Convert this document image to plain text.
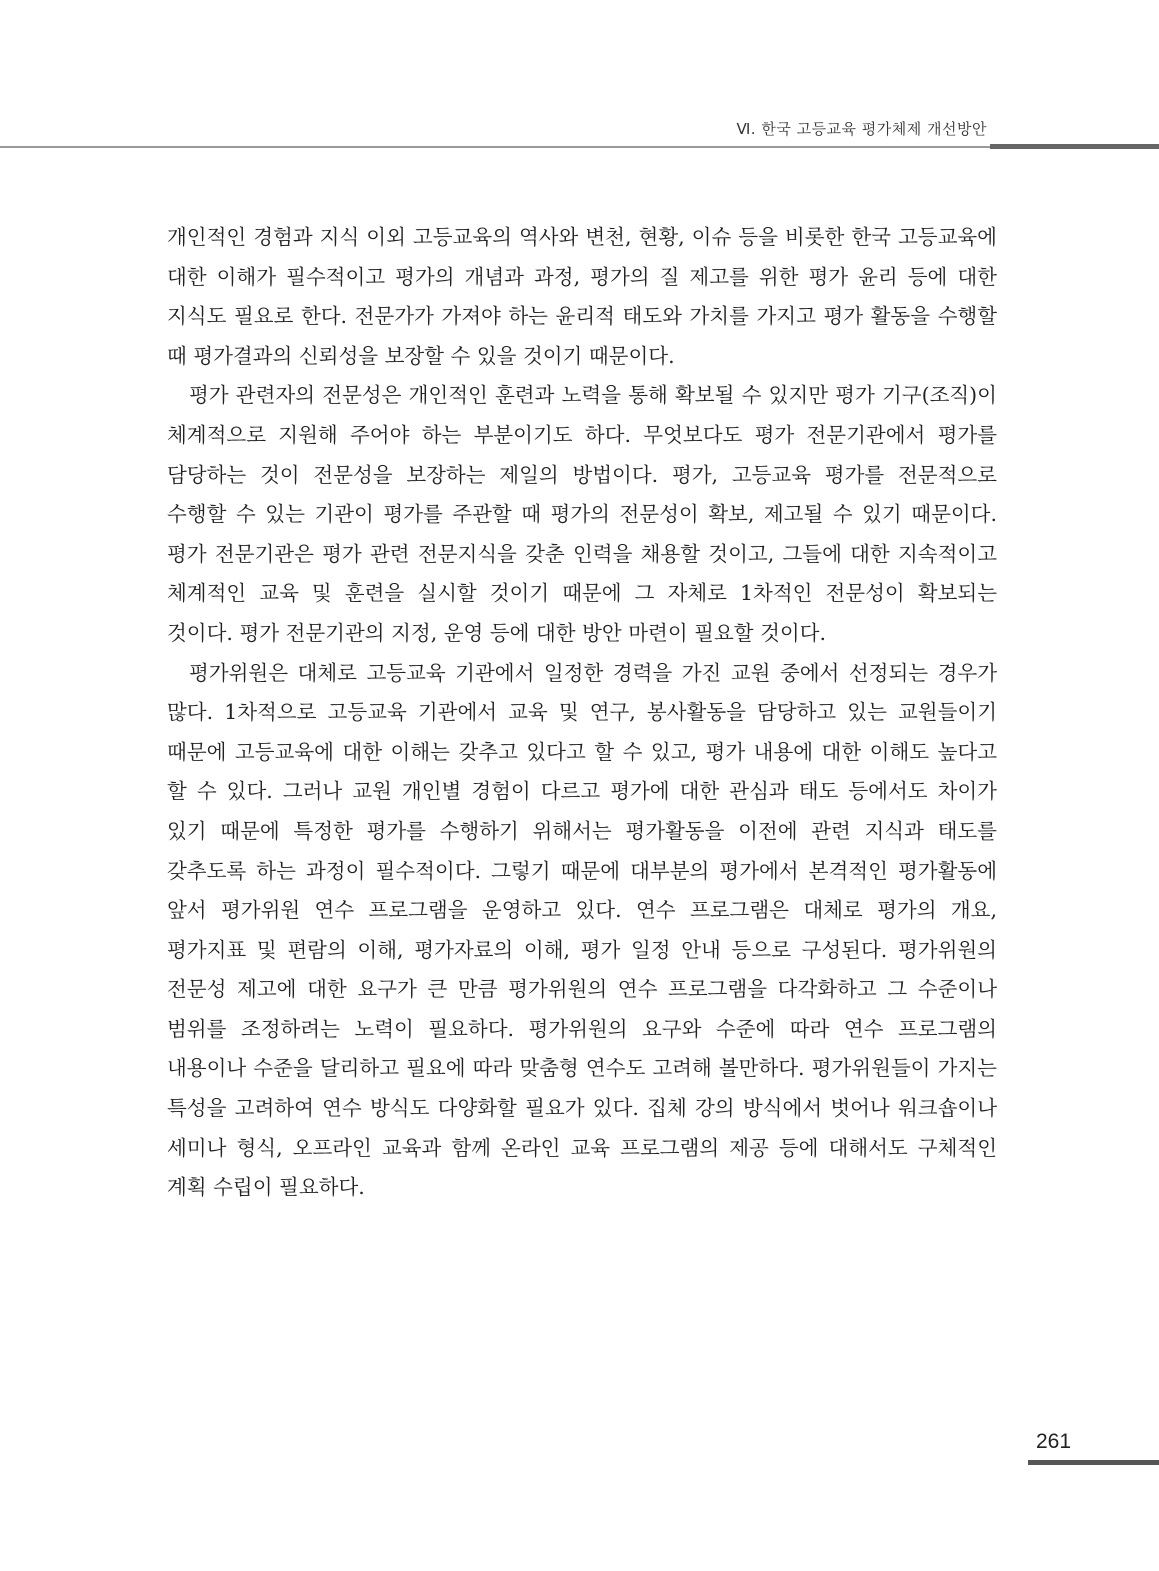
Ⅵ. 한국 고등교육 평가체제 개선방안

개인적인 경험과 지식 이외 고등교육의 역사와 변천, 현황, 이슈 등을 비롯한 한국 고등교육에 대한 이해가 필수적이고 평가의 개념과 과정, 평가의 질 제고를 위한 평가 윤리 등에 대한 지식도 필요로 한다. 전문가가 가져야 하는 윤리적 태도와 가치를 가지고 평가 활동을 수행할 때 평가결과의 신뢰성을 보장할 수 있을 것이기 때문이다.

평가 관련자의 전문성은 개인적인 훈련과 노력을 통해 확보될 수 있지만 평가 기구(조직)이 체계적으로 지원해 주어야 하는 부분이기도 하다. 무엇보다도 평가 전문기관에서 평가를 담당하는 것이 전문성을 보장하는 제일의 방법이다. 평가, 고등교육 평가를 전문적으로 수행할 수 있는 기관이 평가를 주관할 때 평가의 전문성이 확보, 제고될 수 있기 때문이다. 평가 전문기관은 평가 관련 전문지식을 갖춘 인력을 채용할 것이고, 그들에 대한 지속적이고 체계적인 교육 및 훈련을 실시할 것이기 때문에 그 자체로 1차적인 전문성이 확보되는 것이다. 평가 전문기관의 지정, 운영 등에 대한 방안 마련이 필요할 것이다.

평가위원은 대체로 고등교육 기관에서 일정한 경력을 가진 교원 중에서 선정되는 경우가 많다. 1차적으로 고등교육 기관에서 교육 및 연구, 봉사활동을 담당하고 있는 교원들이기 때문에 고등교육에 대한 이해는 갖추고 있다고 할 수 있고, 평가 내용에 대한 이해도 높다고 할 수 있다. 그러나 교원 개인별 경험이 다르고 평가에 대한 관심과 태도 등에서도 차이가 있기 때문에 특정한 평가를 수행하기 위해서는 평가활동을 이전에 관련 지식과 태도를 갖추도록 하는 과정이 필수적이다. 그렇기 때문에 대부분의 평가에서 본격적인 평가활동에 앞서 평가위원 연수 프로그램을 운영하고 있다. 연수 프로그램은 대체로 평가의 개요, 평가지표 및 편람의 이해, 평가자료의 이해, 평가 일정 안내 등으로 구성된다. 평가위원의 전문성 제고에 대한 요구가 큰 만큼 평가위원의 연수 프로그램을 다각화하고 그 수준이나 범위를 조정하려는 노력이 필요하다. 평가위원의 요구와 수준에 따라 연수 프로그램의 내용이나 수준을 달리하고 필요에 따라 맞춤형 연수도 고려해 볼만하다. 평가위원들이 가지는 특성을 고려하여 연수 방식도 다양화할 필요가 있다. 집체 강의 방식에서 벗어나 워크숍이나 세미나 형식, 오프라인 교육과 함께 온라인 교육 프로그램의 제공 등에 대해서도 구체적인 계획 수립이 필요하다.

261
